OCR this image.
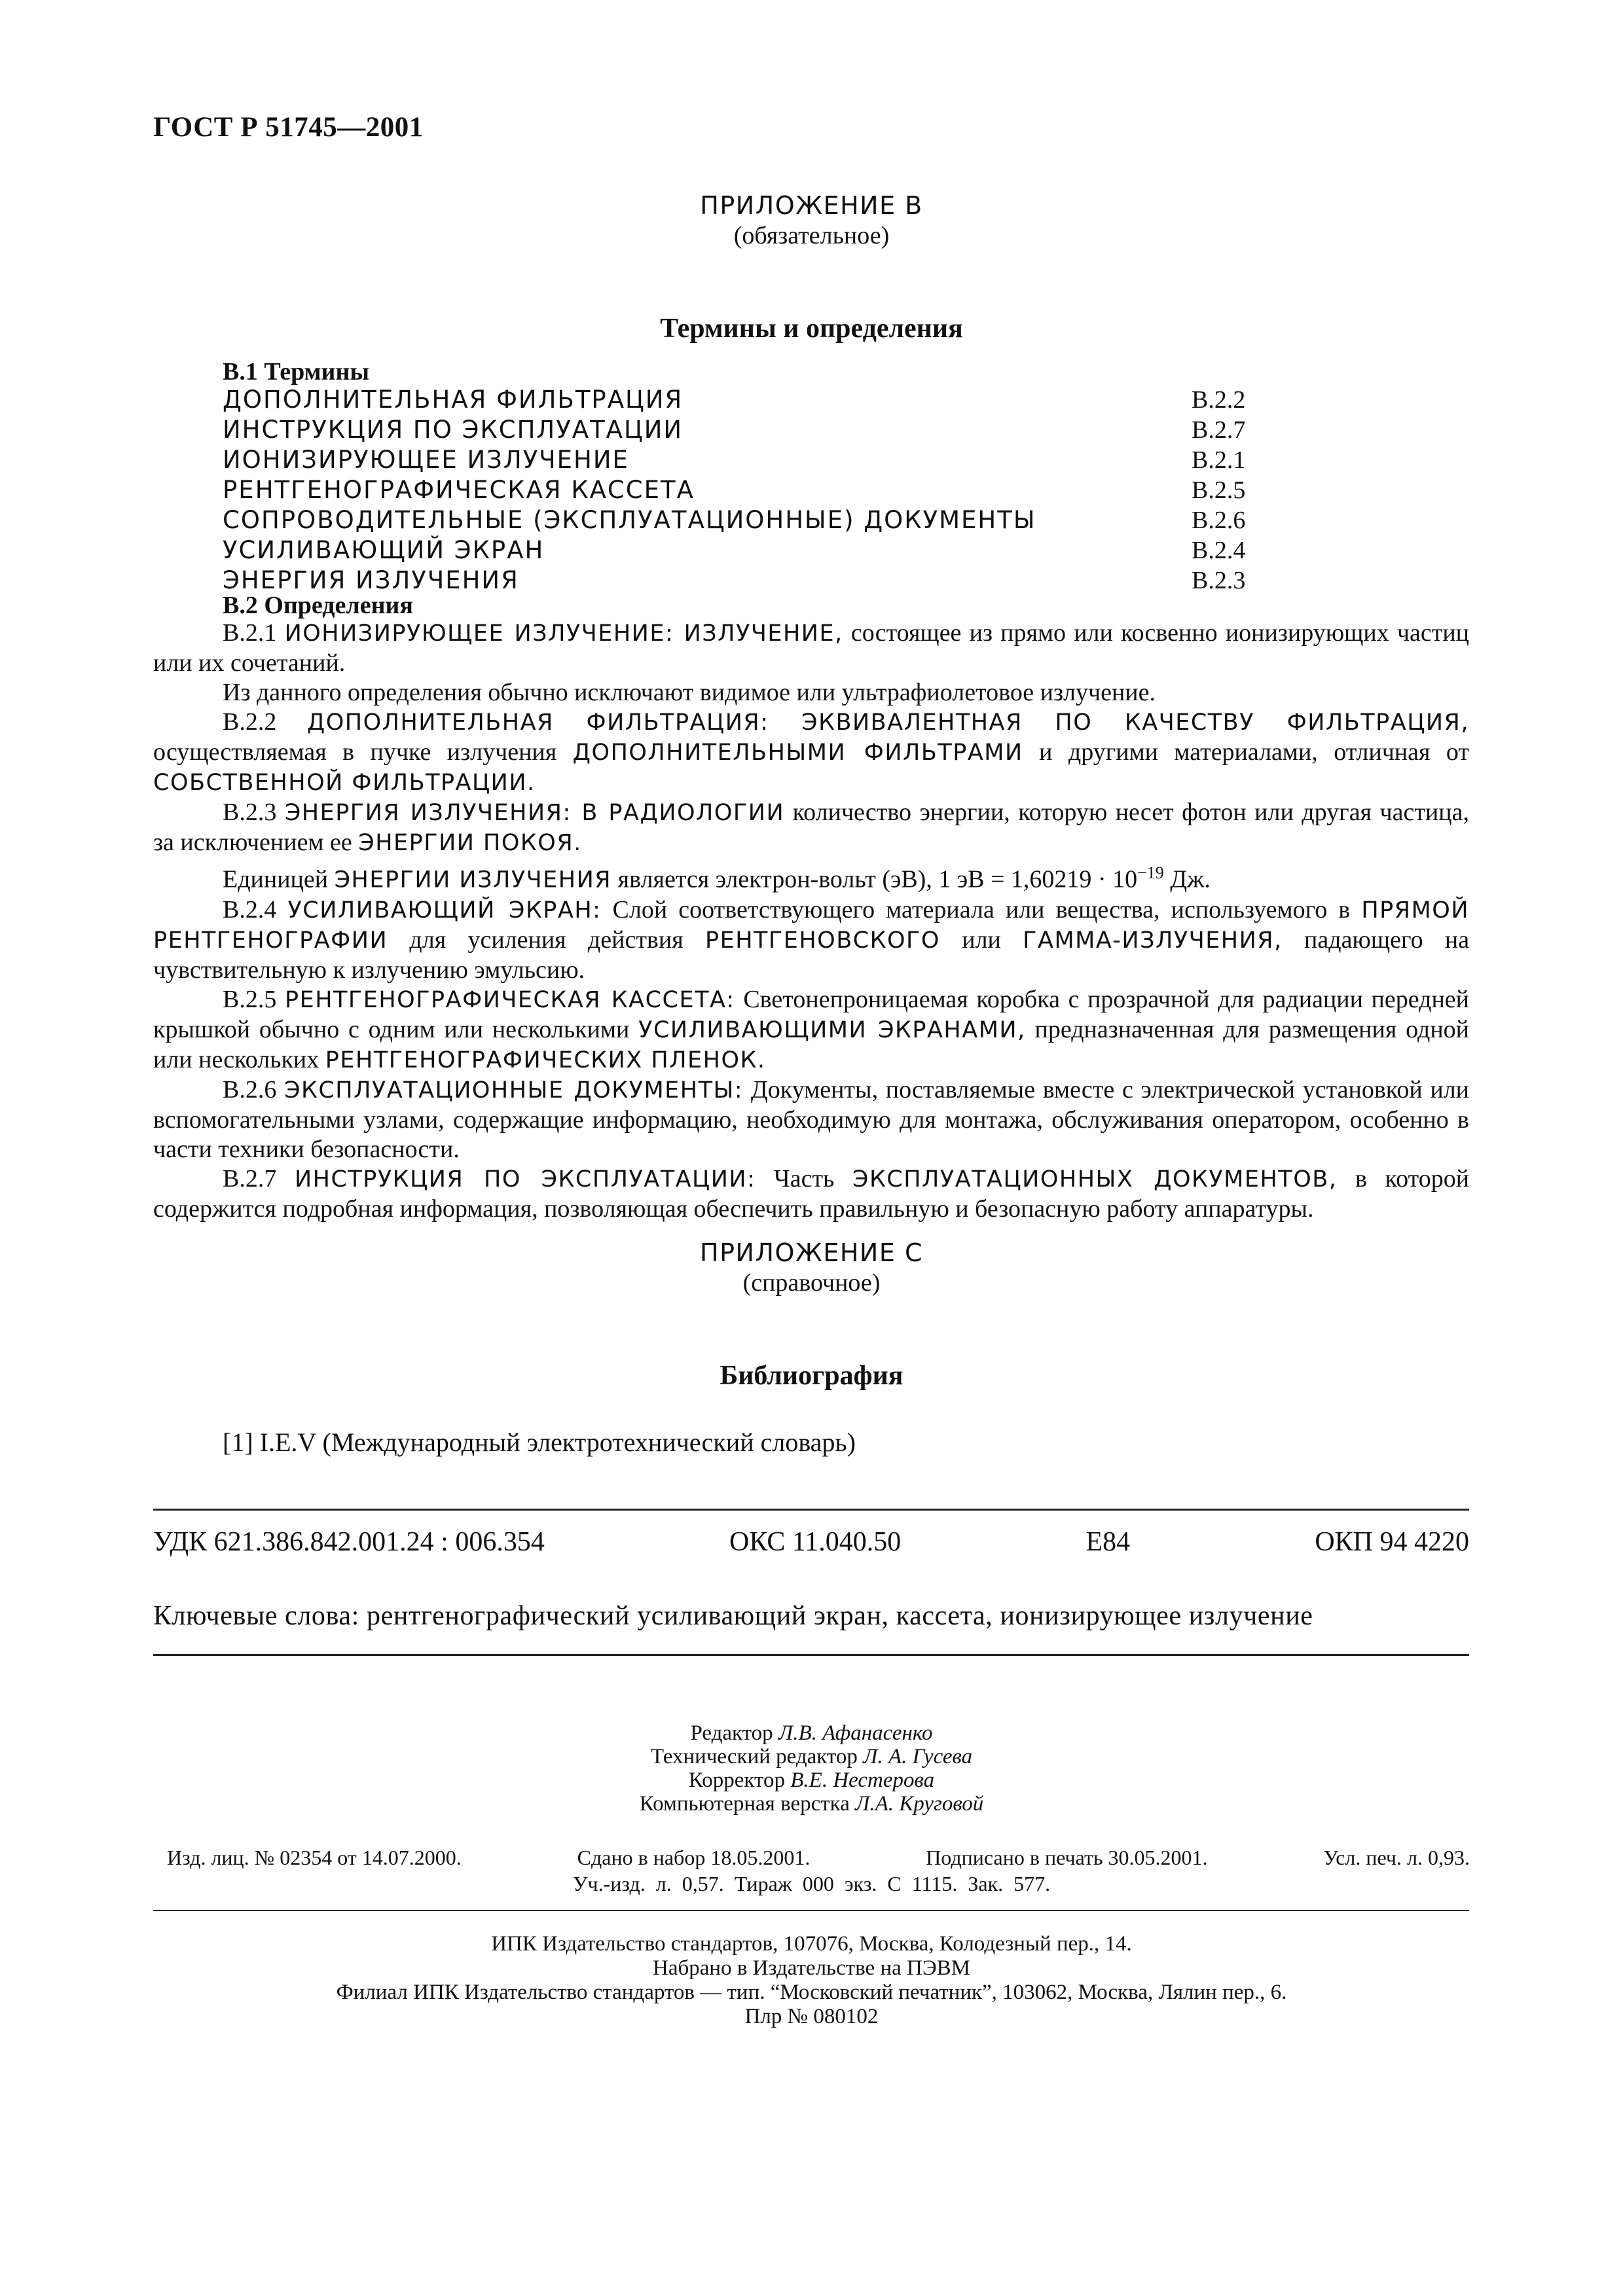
ГОСТ Р 51745—2001
ПРИЛОЖЕНИЕ В
(обязательное)
Термины и определения
В.1 Термины
ДОПОЛНИТЕЛЬНАЯ ФИЛЬТРАЦИЯ	В.2.2
ИНСТРУКЦИЯ ПО ЭКСПЛУАТАЦИИ	В.2.7
ИОНИЗИРУЮЩЕЕ ИЗЛУЧЕНИЕ	В.2.1
РЕНТГЕНОГРАФИЧЕСКАЯ КАССЕТА	В.2.5
СОПРОВОДИТЕЛЬНЫЕ (ЭКСПЛУАТАЦИОННЫЕ) ДОКУМЕНТЫ	В.2.6
УСИЛИВАЮЩИЙ ЭКРАН	В.2.4
ЭНЕРГИЯ ИЗЛУЧЕНИЯ	В.2.3
В.2 Определения

В.2.1 ИОНИЗИРУЮЩЕЕ ИЗЛУЧЕНИЕ: ИЗЛУЧЕНИЕ, состоящее из прямо или косвенно ионизирующих частиц или их сочетаний.

Из данного определения обычно исключают видимое или ультрафиолетовое излучение.

В.2.2 ДОПОЛНИТЕЛЬНАЯ ФИЛЬТРАЦИЯ: ЭКВИВАЛЕНТНАЯ ПО КАЧЕСТВУ ФИЛЬТРАЦИЯ, осуществляемая в пучке излучения ДОПОЛНИТЕЛЬНЫМИ ФИЛЬТРАМИ и другими материалами, отличная от СОБСТВЕННОЙ ФИЛЬТРАЦИИ.

В.2.3 ЭНЕРГИЯ ИЗЛУЧЕНИЯ: В РАДИОЛОГИИ количество энергии, которую несет фотон или другая частица, за исключением ее ЭНЕРГИИ ПОКОЯ.

Единицей ЭНЕРГИИ ИЗЛУЧЕНИЯ является электрон-вольт (эВ), 1 эВ = $1,60219 \cdot 10^{-19}$ Дж.

В.2.4 УСИЛИВАЮЩИЙ ЭКРАН: Слой соответствующего материала или вещества, используемого в ПРЯМОЙ РЕНТГЕНОГРАФИИ для усиления действия РЕНТГЕНОВСКОГО или ГАММА-ИЗЛУЧЕНИЯ, падающего на чувствительную к излучению эмульсию.

В.2.5 РЕНТГЕНОГРАФИЧЕСКАЯ КАССЕТА: Светонепроницаемая коробка с прозрачной для радиации передней крышкой обычно с одним или несколькими УСИЛИВАЮЩИМИ ЭКРАНАМИ, предназначенная для размещения одной или нескольких РЕНТГЕНОГРАФИЧЕСКИХ ПЛЕНОК.

В.2.6 ЭКСПЛУАТАЦИОННЫЕ ДОКУМЕНТЫ: Документы, поставляемые вместе с электрической установкой или вспомогательными узлами, содержащие информацию, необходимую для монтажа, обслуживания оператором, особенно в части техники безопасности.

В.2.7 ИНСТРУКЦИЯ ПО ЭКСПЛУАТАЦИИ: Часть ЭКСПЛУАТАЦИОННЫХ ДОКУМЕНТОВ, в которой содержится подробная информация, позволяющая обеспечить правильную и безопасную работу аппаратуры.

ПРИЛОЖЕНИЕ С
(справочное)
Библиография
[1] I.E.V (Международный электротехнический словарь)
УДК 621.386.842.001.24 : 006.354	ОКС 11.040.50	Е84	ОКП 94 4220
Ключевые слова: рентгенографический усиливающий экран, кассета, ионизирующее излучение
Редактор Л.В. Афанасенко
Технический редактор Л. А. Гусева
Корректор В.Е. Нестерова
Компьютерная верстка Л.А. Круговой
Изд. лиц. № 02354 от 14.07.2000.	Сдано в набор 18.05.2001.	Подписано в печать 30.05.2001.	Усл. печ. л. 0,93.
Уч.-изд. л. 0,57. Тираж 000 экз. С 1115. Зак. 577.
ИПК Издательство стандартов, 107076, Москва, Колодезный пер., 14.
Набрано в Издательстве на ПЭВМ
Филиал ИПК Издательство стандартов — тип. “Московский печатник”, 103062, Москва, Лялин пер., 6.
Плр № 080102
